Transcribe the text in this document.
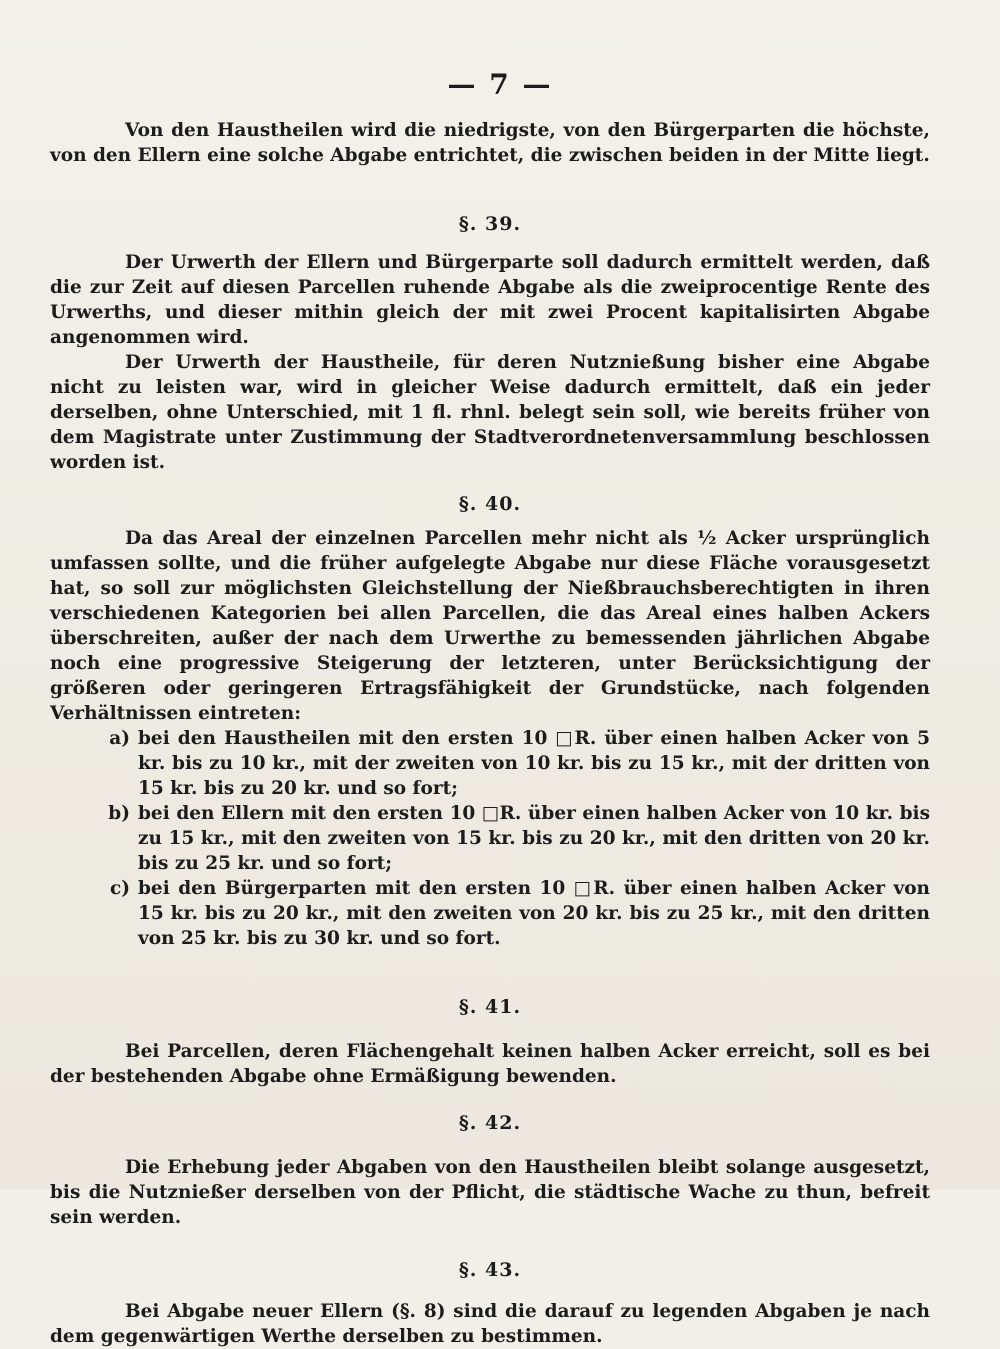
— 7 —

Von den Haustheilen wird die niedrigste, von den Bürgerparten die höchste, von den Ellern eine solche Abgabe entrichtet, die zwischen beiden in der Mitte liegt.

§. 39.

Der Urwerth der Ellern und Bürgerparte soll dadurch ermittelt werden, daß die zur Zeit auf diesen Parcellen ruhende Abgabe als die zweiprocentige Rente des Urwerths, und dieser mithin gleich der mit zwei Procent kapitalisirten Abgabe angenommen wird.

Der Urwerth der Haustheile, für deren Nutznießung bisher eine Abgabe nicht zu leisten war, wird in gleicher Weise dadurch ermittelt, daß ein jeder derselben, ohne Unterschied, mit 1 fl. rhnl. belegt sein soll, wie bereits früher von dem Magistrate unter Zustimmung der Stadtverordnetenversammlung beschlossen worden ist.

§. 40.

Da das Areal der einzelnen Parcellen mehr nicht als ½ Acker ursprünglich umfassen sollte, und die früher aufgelegte Abgabe nur diese Fläche vorausgesetzt hat, so soll zur möglichsten Gleichstellung der Nießbrauchsberechtigten in ihren verschiedenen Kategorien bei allen Parcellen, die das Areal eines halben Ackers überschreiten, außer der nach dem Urwerthe zu bemessenden jährlichen Abgabe noch eine progressive Steigerung der letzteren, unter Berücksichtigung der größeren oder geringeren Ertragsfähigkeit der Grundstücke, nach folgenden Verhältnissen eintreten:

a) bei den Haustheilen mit den ersten 10 □R. über einen halben Acker von 5 kr. bis zu 10 kr., mit der zweiten von 10 kr. bis zu 15 kr., mit der dritten von 15 kr. bis zu 20 kr. und so fort;
b) bei den Ellern mit den ersten 10 □R. über einen halben Acker von 10 kr. bis zu 15 kr., mit den zweiten von 15 kr. bis zu 20 kr., mit den dritten von 20 kr. bis zu 25 kr. und so fort;
c) bei den Bürgerparten mit den ersten 10 □R. über einen halben Acker von 15 kr. bis zu 20 kr., mit den zweiten von 20 kr. bis zu 25 kr., mit den dritten von 25 kr. bis zu 30 kr. und so fort.
§. 41.

Bei Parcellen, deren Flächengehalt keinen halben Acker erreicht, soll es bei der bestehenden Abgabe ohne Ermäßigung bewenden.

§. 42.

Die Erhebung jeder Abgaben von den Haustheilen bleibt solange ausgesetzt, bis die Nutznießer derselben von der Pflicht, die städtische Wache zu thun, befreit sein werden.

§. 43.

Bei Abgabe neuer Ellern (§. 8) sind die darauf zu legenden Abgaben je nach dem gegenwärtigen Werthe derselben zu bestimmen.
